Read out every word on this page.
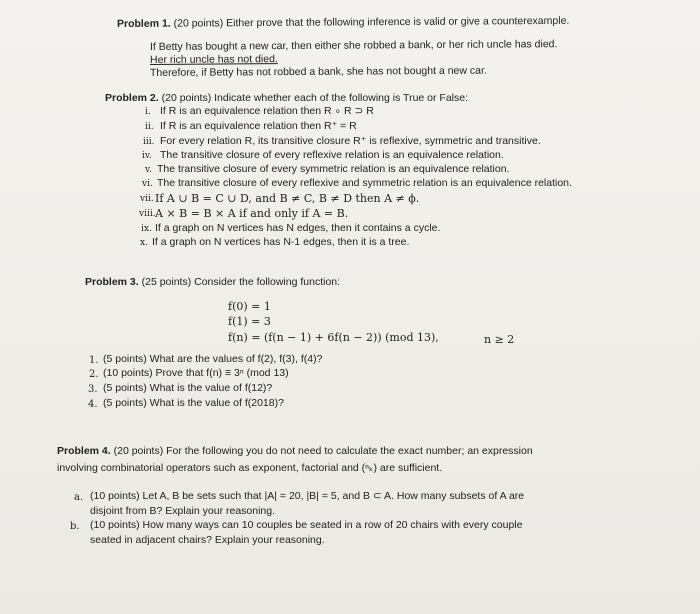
Problem 1. (20 points) Either prove that the following inference is valid or give a counterexample.
If Betty has bought a new car, then either she robbed a bank, or her rich uncle has died.
Her rich uncle has not died.
Therefore, if Betty has not robbed a bank, she has not bought a new car.
Problem 2. (20 points) Indicate whether each of the following is True or False:
i. If R is an equivalence relation then R ∘ R ⊃ R
ii. If R is an equivalence relation then R⁺ = R
iii. For every relation R, its transitive closure R⁺ is reflexive, symmetric and transitive.
iv. The transitive closure of every reflexive relation is an equivalence relation.
v. The transitive closure of every symmetric relation is an equivalence relation.
vi. The transitive closure of every reflexive and symmetric relation is an equivalence relation.
vii. If A ∪ B = C ∪ D, and B ≠ C, B ≠ D then A ≠ ϕ.
viii. A × B = B × A if and only if A = B.
ix. If a graph on N vertices has N edges, then it contains a cycle.
x. If a graph on N vertices has N-1 edges, then it is a tree.
Problem 3. (25 points) Consider the following function:
f(0) = 1
f(1) = 3
f(n) = (f(n − 1) + 6f(n − 2)) (mod 13),	n ≥ 2
1. (5 points) What are the values of f(2), f(3), f(4)?
2. (10 points) Prove that f(n) ≡ 3ⁿ (mod 13)
3. (5 points) What is the value of f(12)?
4. (5 points) What is the value of f(2018)?
Problem 4. (20 points) For the following you do not need to calculate the exact number; an expression
involving combinatorial operators such as exponent, factorial and (ⁿₖ) are sufficient.
a. (10 points) Let A, B be sets such that |A| = 20, |B| = 5, and B ⊂ A. How many subsets of A are
disjoint from B? Explain your reasoning.
b. (10 points) How many ways can 10 couples be seated in a row of 20 chairs with every couple
seated in adjacent chairs? Explain your reasoning.
